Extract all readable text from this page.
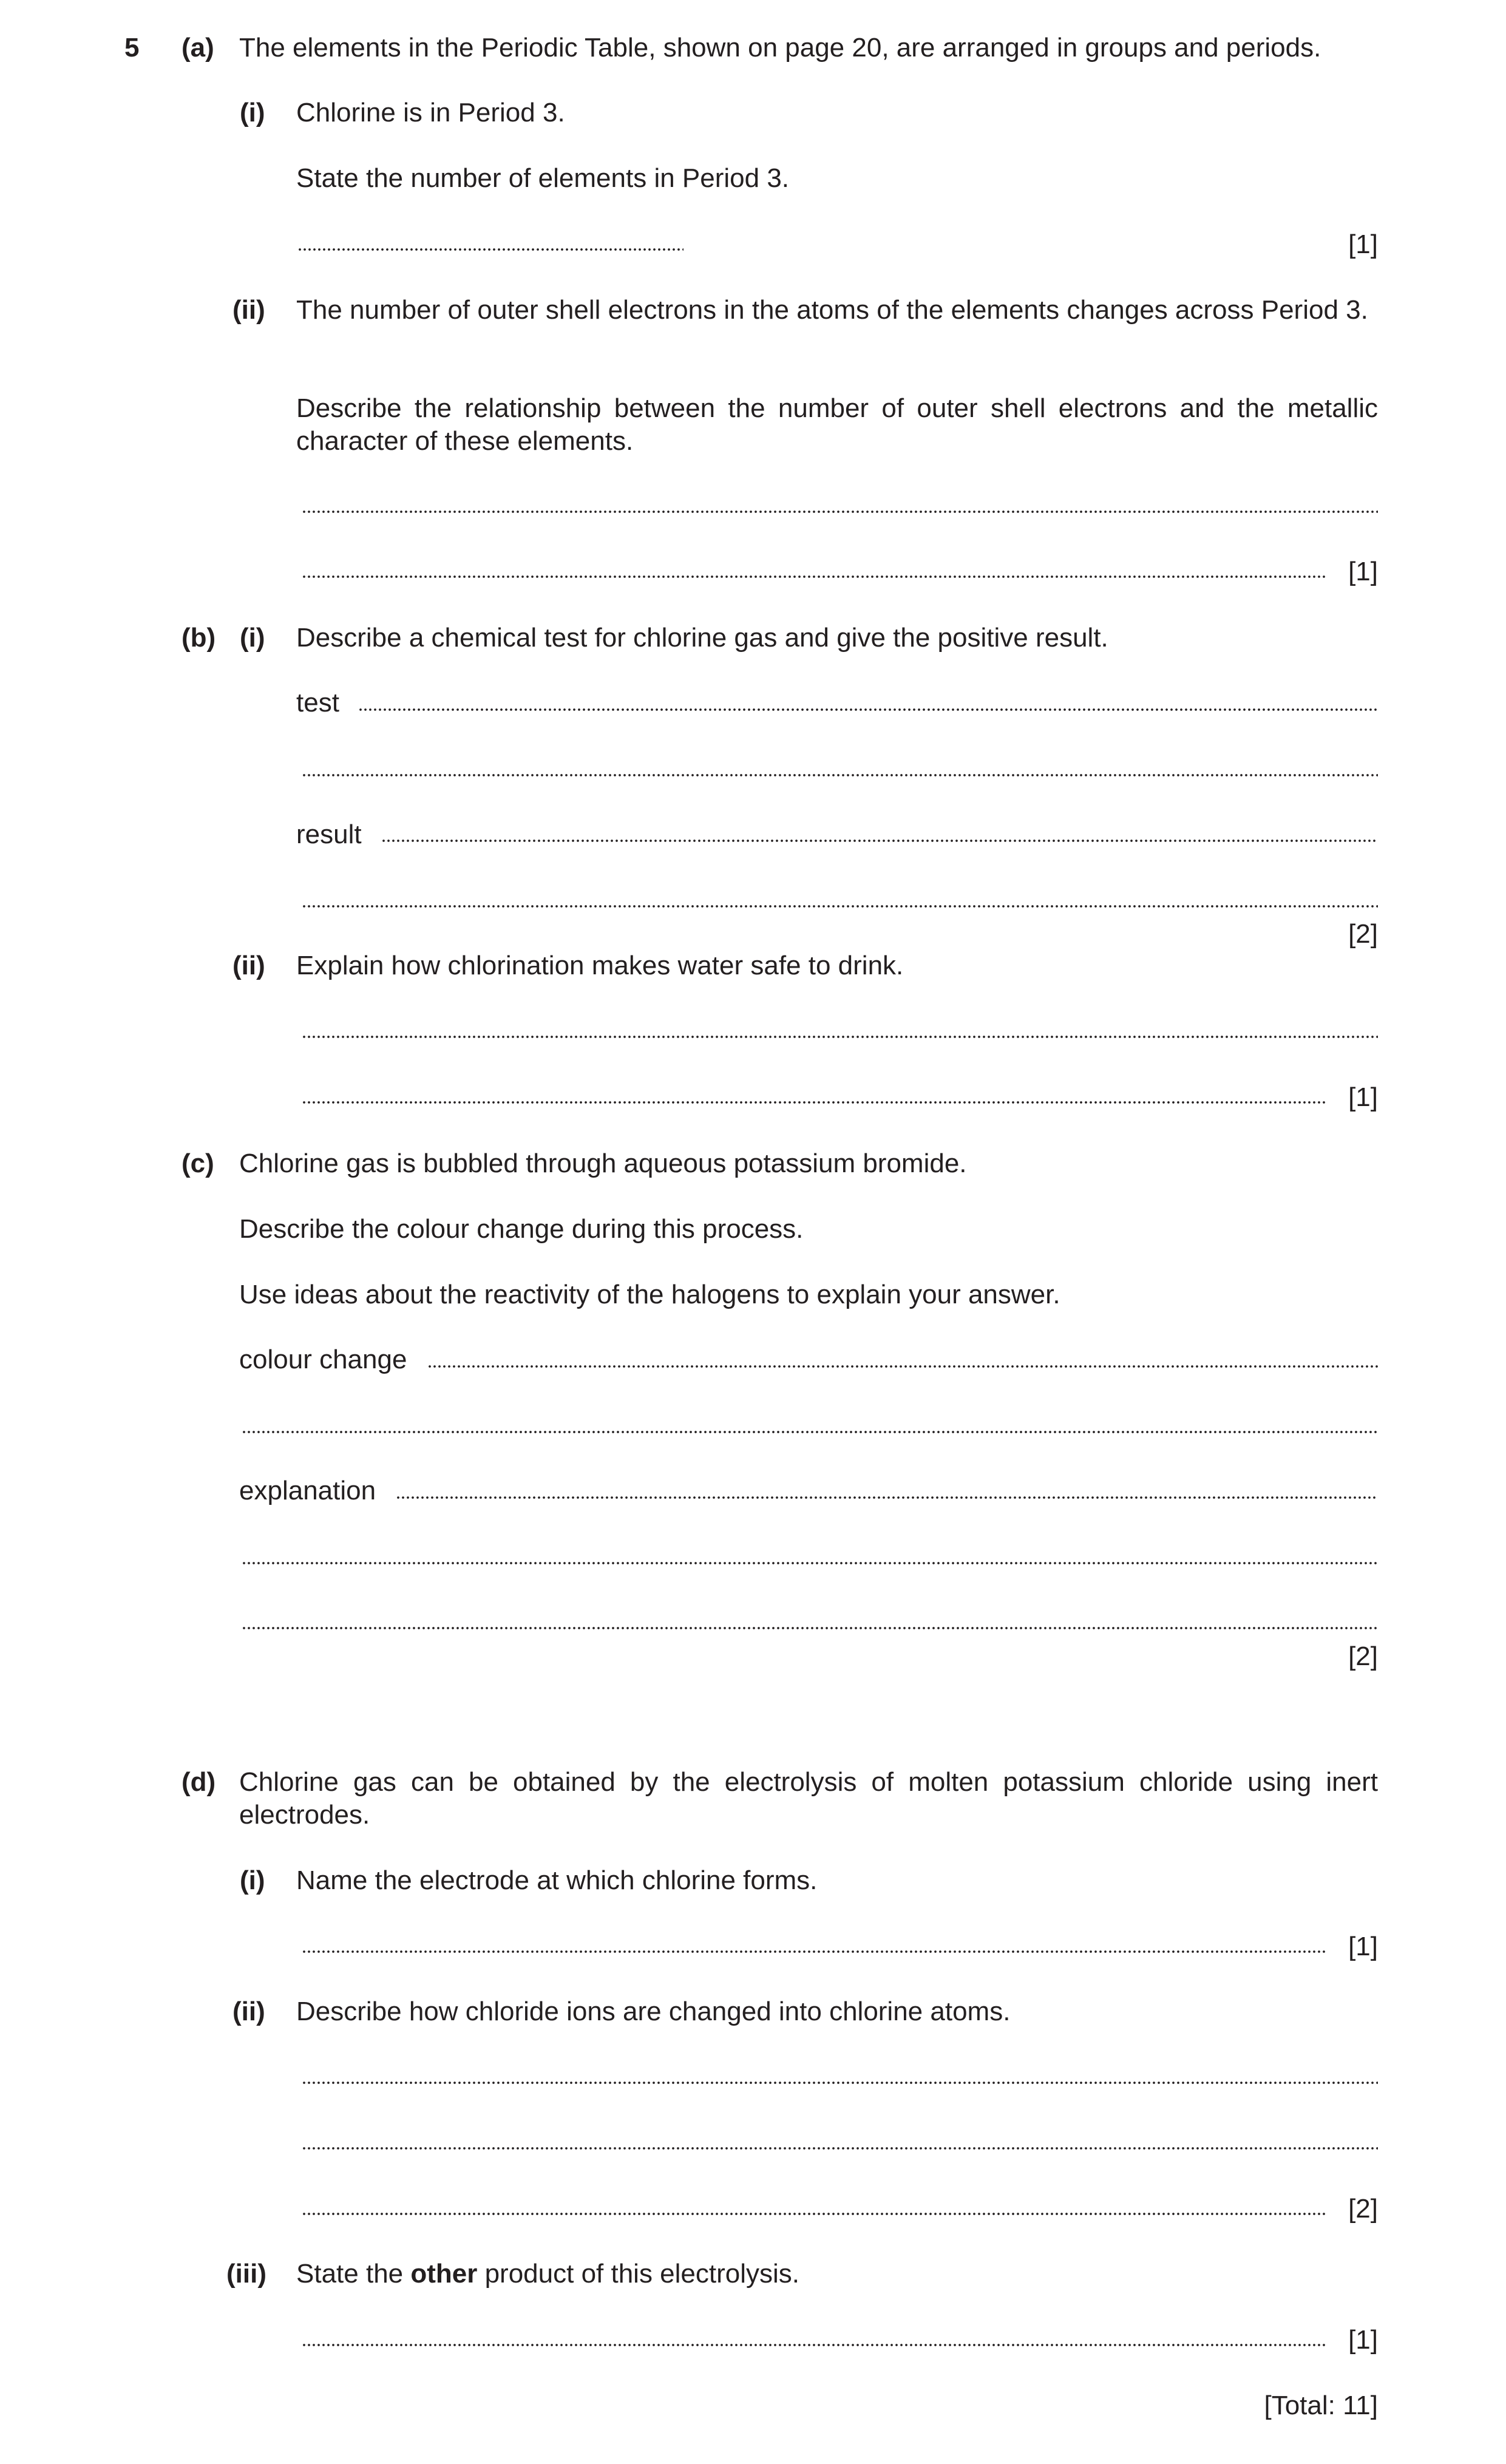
5 (a) The elements in the Periodic Table, shown on page 20, are arranged in groups and periods.
(i) Chlorine is in Period 3.
State the number of elements in Period 3.
[1]
(ii) The number of outer shell electrons in the atoms of the elements changes across Period 3.
Describe the relationship between the number of outer shell electrons and the metallic character of these elements.
[1]
(b) (i) Describe a chemical test for chlorine gas and give the positive result.
test
result
[2]
(ii) Explain how chlorination makes water safe to drink.
[1]
(c) Chlorine gas is bubbled through aqueous potassium bromide.
Describe the colour change during this process.
Use ideas about the reactivity of the halogens to explain your answer.
colour change
explanation
[2]
(d) Chlorine gas can be obtained by the electrolysis of molten potassium chloride using inert electrodes.
(i) Name the electrode at which chlorine forms.
[1]
(ii) Describe how chloride ions are changed into chlorine atoms.
[2]
(iii) State the other product of this electrolysis.
[1]
[Total: 11]
